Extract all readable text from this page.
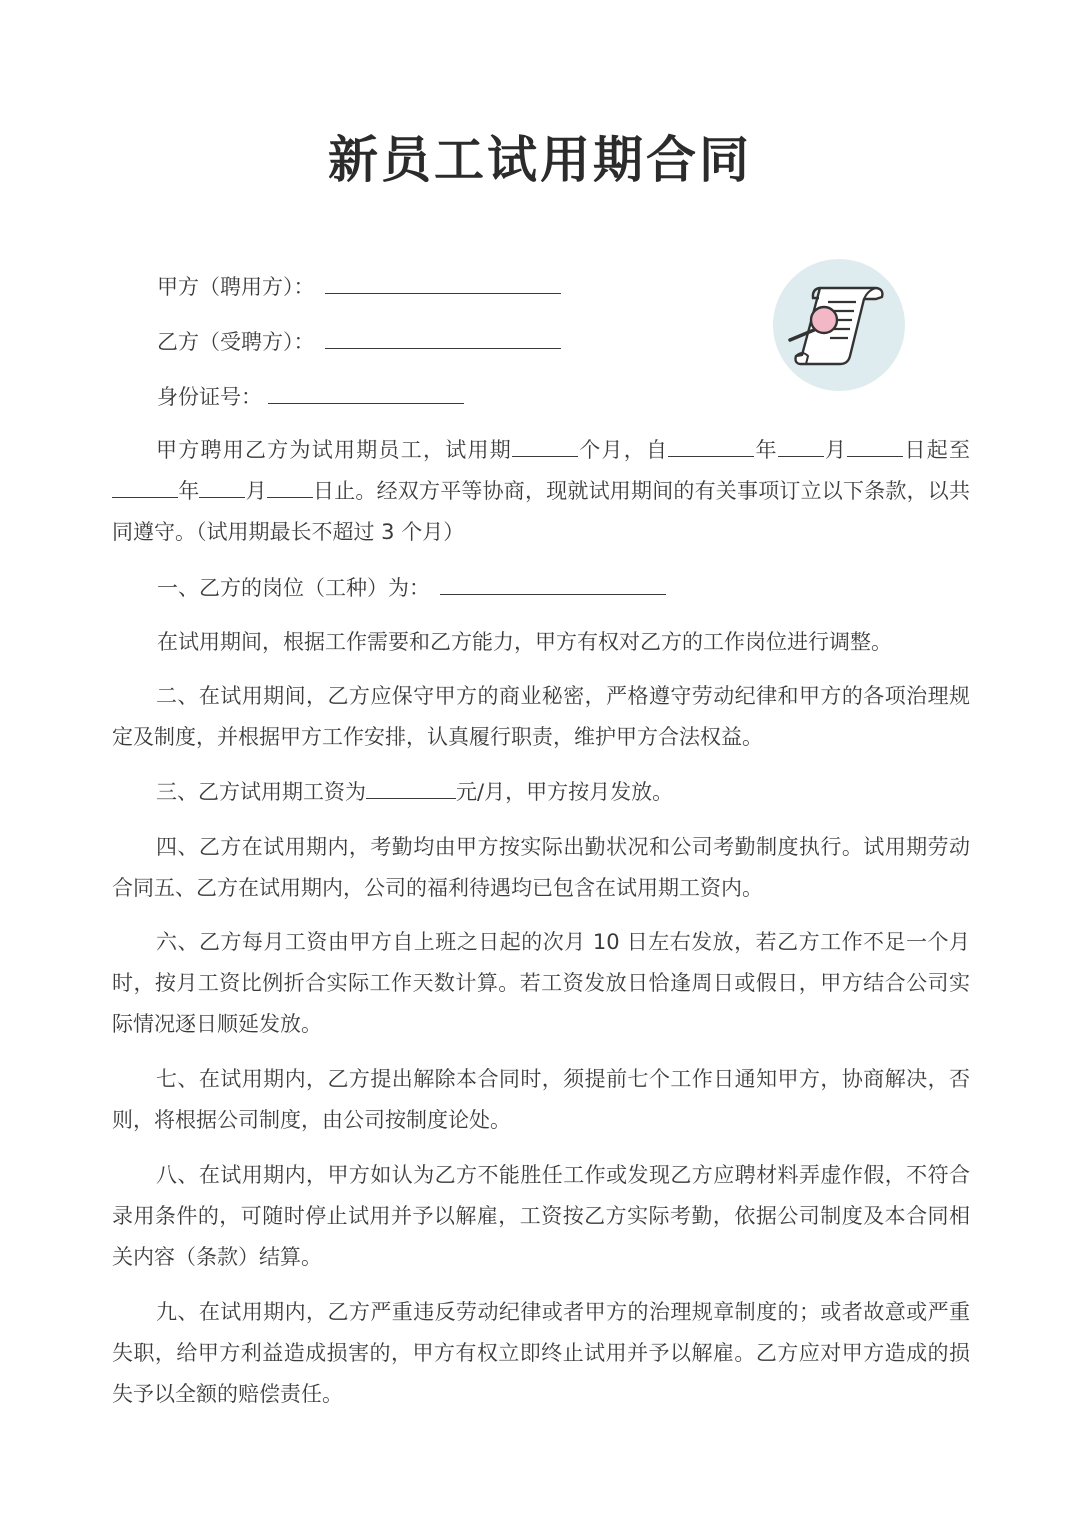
新员工试用期合同
甲方（聘用方）：
乙方（受聘方）：
身份证号：
甲方聘用乙方为试用期员工，试用期	个月，自	年 月	日起至年 月 日止。经双方平等协商，现就试用期间的有关事项订立以下条款，以共同遵守。（试用期最长不超过 3 个月）
一、乙方的岗位（工种）为：
在试用期间，根据工作需要和乙方能力，甲方有权对乙方的工作岗位进行调整。
二、在试用期间，乙方应保守甲方的商业秘密，严格遵守劳动纪律和甲方的各项治理规定及制度，并根据甲方工作安排，认真履行职责，维护甲方合法权益。
三、乙方试用期工资为	元/月，甲方按月发放。
四、乙方在试用期内，考勤均由甲方按实际出勤状况和公司考勤制度执行。试用期劳动合同五、乙方在试用期内，公司的福利待遇均已包含在试用期工资内。
六、乙方每月工资由甲方自上班之日起的次月 10 日左右发放，若乙方工作不足一个月时，按月工资比例折合实际工作天数计算。若工资发放日恰逢周日或假日，甲方结合公司实际情况逐日顺延发放。
七、在试用期内，乙方提出解除本合同时，须提前七个工作日通知甲方，协商解决，否则，将根据公司制度，由公司按制度论处。
八、在试用期内，甲方如认为乙方不能胜任工作或发现乙方应聘材料弄虚作假，不符合录用条件的，可随时停止试用并予以解雇，工资按乙方实际考勤，依据公司制度及本合同相关内容（条款）结算。
九、在试用期内，乙方严重违反劳动纪律或者甲方的治理规章制度的；或者故意或严重失职，给甲方利益造成损害的，甲方有权立即终止试用并予以解雇。乙方应对甲方造成的损失予以全额的赔偿责任。
